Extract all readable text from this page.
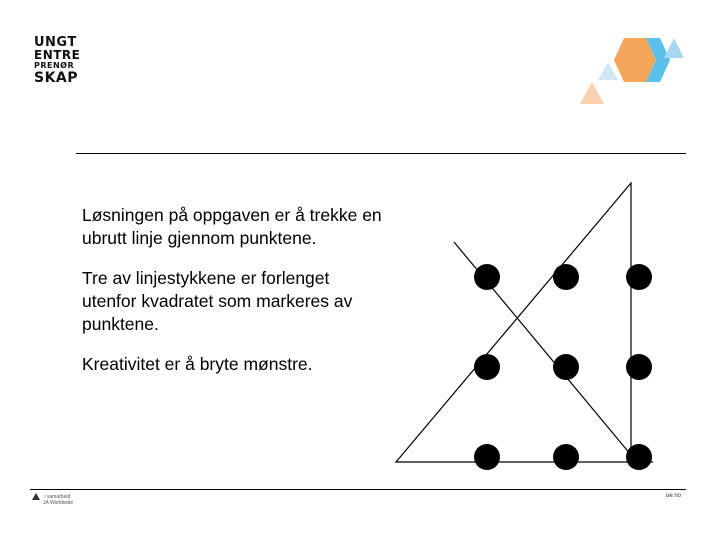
UNGT
ENTRE
PRENØR
SKAP

Løsningen på oppgaven er å trekke en ubrutt linje gjennom punktene.

Tre av linjestykkene er forlenget utenfor kvadratet som markeres av punktene.

Kreativitet er å bryte mønstre.

i samarbeid
JA Worldwide
ue.no
